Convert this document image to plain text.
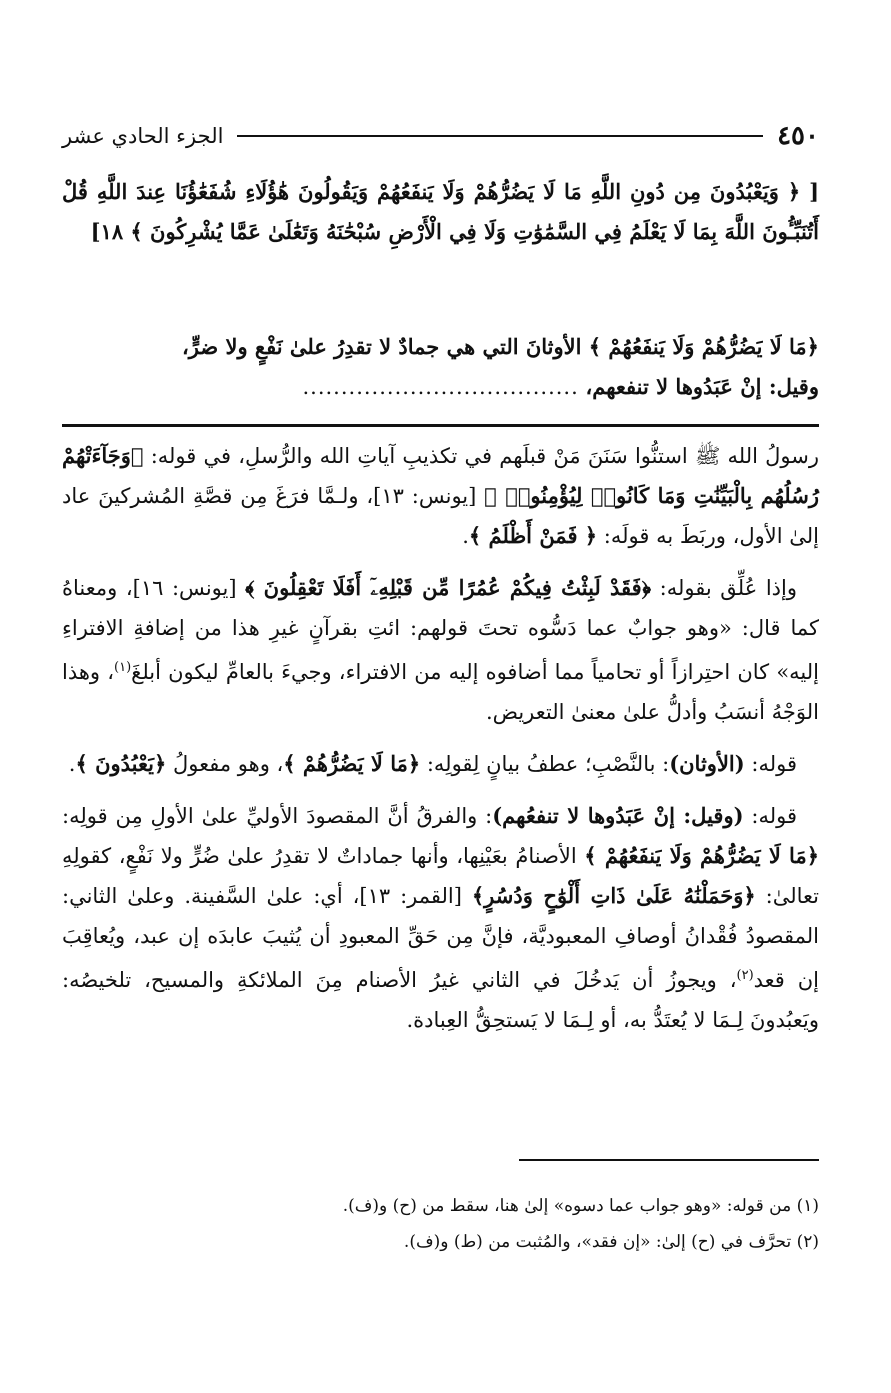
٤٥٠
الجزء الحادي عشر
[ ﴿ وَيَعْبُدُونَ مِن دُونِ اللَّهِ مَا لَا يَضُرُّهُمْ وَلَا يَنفَعُهُمْ وَيَقُولُونَ هَٰؤُلَاءِ شُفَعَٰؤُنَا عِندَ اللَّهِ قُلْ أَتُنَبِّـُٔونَ اللَّهَ بِمَا لَا يَعْلَمُ فِي السَّمَٰوَٰتِ وَلَا فِي الْأَرْضِ سُبْحَٰنَهُ وَتَعَٰلَىٰ عَمَّا يُشْرِكُونَ ﴾ ١٨]
﴿مَا لَا يَضُرُّهُمْ وَلَا يَنفَعُهُمْ ﴾ الأوثانَ التي هي جمادٌ لا تقدِرُ علىٰ نَفْعٍ ولا ضرٍّ،
وقيل: إنْ عَبَدُوها لا تنفعهم، ....................................

رسولُ الله ﷺ استنُّوا سَنَنَ مَنْ قبلَهم في تكذيبِ آياتِ الله والرُّسلِ، في قوله: ﴿وَجَآءَتْهُمْ رُسُلُهُم بِالْبَيِّنَٰتِ وَمَا كَانُوا۟ لِيُؤْمِنُوا۟ ﴾ [يونس: ١٣]، ولـمَّا فرَغَ مِن قصَّةِ المُشركينَ عاد إلىٰ الأول، وربَطَ به قولَه: ﴿ فَمَنْ أَظْلَمُ ﴾.

وإذا عُلِّق بقوله: ﴿فَقَدْ لَبِثْتُ فِيكُمْ عُمُرًا مِّن قَبْلِهِۦٓ أَفَلَا تَعْقِلُونَ ﴾ [يونس: ١٦]، ومعناهُ كما قال: «وهو جوابٌ عما دَسُّوه تحتَ قولهم: ائتِ بقرآنٍ غيرِ هذا من إضافةِ الافتراءِ إليه» كان احتِرازاً أو تحامياً مما أضافوه إليه من الافتراء، وجيءَ بالعامِّ ليكون أبلغَ$^{(١)}$، وهذا الوَجْهُ أنسَبُ وأدلُّ علىٰ معنىٰ التعريض.

قوله: (الأوثان): بالنَّصْبِ؛ عطفُ بيانٍ لِقولِه: ﴿مَا لَا يَضُرُّهُمْ ﴾، وهو مفعولُ ﴿يَعْبُدُونَ ﴾.

قوله: (وقيل: إنْ عَبَدُوها لا تنفعُهم): والفرقُ أنَّ المقصودَ الأوليِّ علىٰ الأولِ مِن قولِه: ﴿مَا لَا يَضُرُّهُمْ وَلَا يَنفَعُهُمْ ﴾ الأصنامُ بعَيْنِها، وأنها جماداتٌ لا تقدِرُ علىٰ ضُرٍّ ولا نَفْعٍ، كقولِهِ تعالىٰ: ﴿وَحَمَلْنَٰهُ عَلَىٰ ذَاتِ أَلْوَٰحٍ وَدُسُرٍ﴾ [القمر: ١٣]، أي: علىٰ السَّفينة. وعلىٰ الثاني: المقصودُ فُقْدانُ أوصافِ المعبوديَّة، فإنَّ مِن حَقِّ المعبودِ أن يُثيبَ عابدَه إن عبد، ويُعاقِبَ إن قعد$^{(٢)}$، ويجوزُ أن يَدخُلَ في الثاني غيرُ الأصنام مِنَ الملائكةِ والمسيح، تلخيصُه: ويَعبُدونَ لِـمَا لا يُعتَدُّ به، أو لِـمَا لا يَستحِقُّ العِبادة.

(١) من قوله: «وهو جواب عما دسوه» إلىٰ هنا، سقط من (ح) و(ف).
(٢) تحرَّف في (ح) إلىٰ: «إن فقد»، والمُثبت من (ط) و(ف).
